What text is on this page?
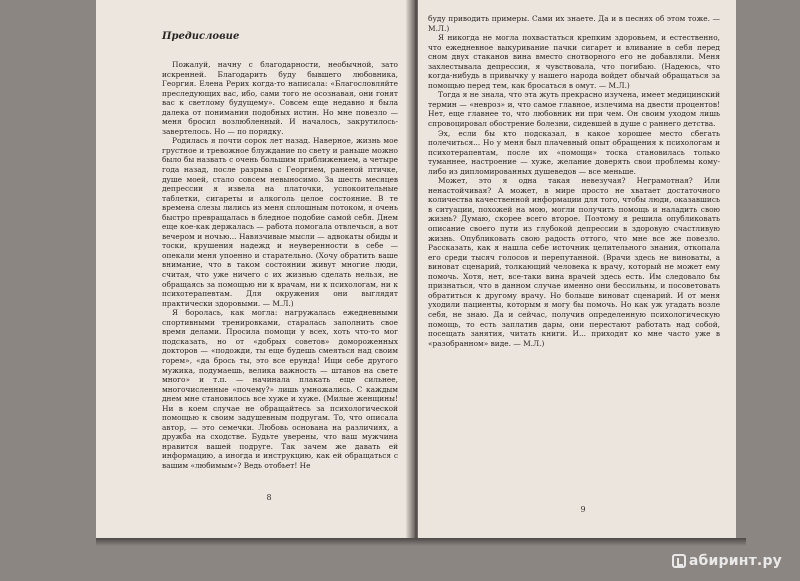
Предисловие

Пожалуй, начну с благодарности, необычной, зато искренней. Благодарить буду бывшего любовника, Георгия. Елена Рерих когда-то написала: «Благословляйте преследующих вас, ибо, сами того не осознавая, они гонят вас к светлому будущему». Совсем еще недавно я была далека от понимания подобных истин. Но мне повезло — меня бросил возлюбленный. И началось, закрутилось-завертелось. Но — по порядку.

Родилась я почти сорок лет назад. Наверное, жизнь мое грустное и тревожное блуждание по свету и раньше можно было бы назвать с очень большим приближением, а четыре года назад, после разрыва с Георгием, раненой птичке, душе моей, стало совсем невыносимо. За шесть месяцев депрессии я извела на платочки, успокоительные таблетки, сигареты и алкоголь целое состояние. В те времена слезы лились из меня сплошным потоком, я очень быстро превращалась в бледное подобие самой себя. Днем еще кое-как держалась — работа помогала отвлечься, а вот вечером и ночью... Навязчивые мысли — адвокаты обиды и тоски, крушения надежд и неуверенности в себе — опекали меня упоенно и старательно. (Хочу обратить ваше внимание, что в таком состоянии живут многие люди, считая, что уже ничего с их жизнью сделать нельзя, не обращаясь за помощью ни к врачам, ни к психологам, ни к психотерапевтам. Для окружения они выглядят практически здоровыми. — М.Л.)

Я боролась, как могла: нагружалась ежедневными спортивными тренировками, старалась заполнить свое время делами. Просила помощи у всех, хоть что-то мог подсказать, но от «добрых советов» домороженных докторов — «подожди, ты еще будешь смеяться над своим горем», «да брось ты, это все ерунда! Ищи себе другого мужика, подумаешь, велика важность — штанов на свете много» и т.п. — начинала плакать еще сильнее, многочисленные «почему?» лишь умножались. С каждым днем мне становилось все хуже и хуже. (Милые женщины! Ни в коем случае не обращайтесь за психологической помощью к своим задушевным подругам. То, что описала автор, — это семечки. Любовь основана на различиях, а дружба на сходстве. Будьте уверены, что ваш мужчина нравится вашей подруге. Так зачем же давать ей информацию, а иногда и инструкцию, как ей обращаться с вашим «любимым»? Ведь отобьет! Не

8

буду приводить примеры. Сами их знаете. Да и в песнях об этом тоже. — М.Л.)

Я никогда не могла похвастаться крепким здоровьем, и естественно, что ежедневное выкуривание пачки сигарет и вливание в себя перед сном двух стаканов вина вместо снотворного его не добавляли. Меня захлестывала депрессия, я чувствовала, что погибаю. (Надеюсь, что когда-нибудь в привычку у нашего народа войдет обычай обращаться за помощью перед тем, как бросаться в омут. — М.Л.)

Тогда я не знала, что эта жуть прекрасно изучена, имеет медицинский термин — «невроз» и, что самое главное, излечима на двести процентов! Нет, еще главнее то, что любовник ни при чем. Он своим уходом лишь спровоцировал обострение болезни, сидевшей в душе с раннего детства.

Эх, если бы кто подсказал, в какое хорошее место сбегать полечиться... Но у меня был плачевный опыт обращения к психологам и психотерапевтам, после их «помощи» тоска становилась только туманнее, настроение — хуже, желание доверять свои проблемы кому-либо из дипломированных душеведов — все меньше.

Может, это я одна такая невезучая? Неграмотная? Или ненастойчивая? А может, в мире просто не хватает достаточного количества качественной информации для того, чтобы люди, оказавшись в ситуации, похожей на мою, могли получить помощь и наладить свою жизнь? Думаю, скорее всего второе. Поэтому я решила опубликовать описание своего пути из глубокой депрессии в здоровую счастливую жизнь. Опубликовать свою радость оттого, что мне все же повезло. Рассказать, как я нашла себе источник целительного знания, откопала его среди тысяч голосов и перепутанной. (Врачи здесь не виноваты, а виноват сценарий, толкающий человека к врачу, который не может ему помочь. Хотя, нет, все-таки вина врачей здесь есть. Им следовало бы признаться, что в данном случае именно они бессильны, и посоветовать обратиться к другому врачу. Но больше виноват сценарий. И от меня уходили пациенты, которым я могу бы помочь. Но как уж угадать возле себя, не знаю. Да и сейчас, получив определенную психологическую помощь, то есть заплатив дары, они перестают работать над собой, посещать занятия, читать книги. И... приходят ко мне часто уже в «разобранном» виде. — М.Л.)

9
абиринт.ру
